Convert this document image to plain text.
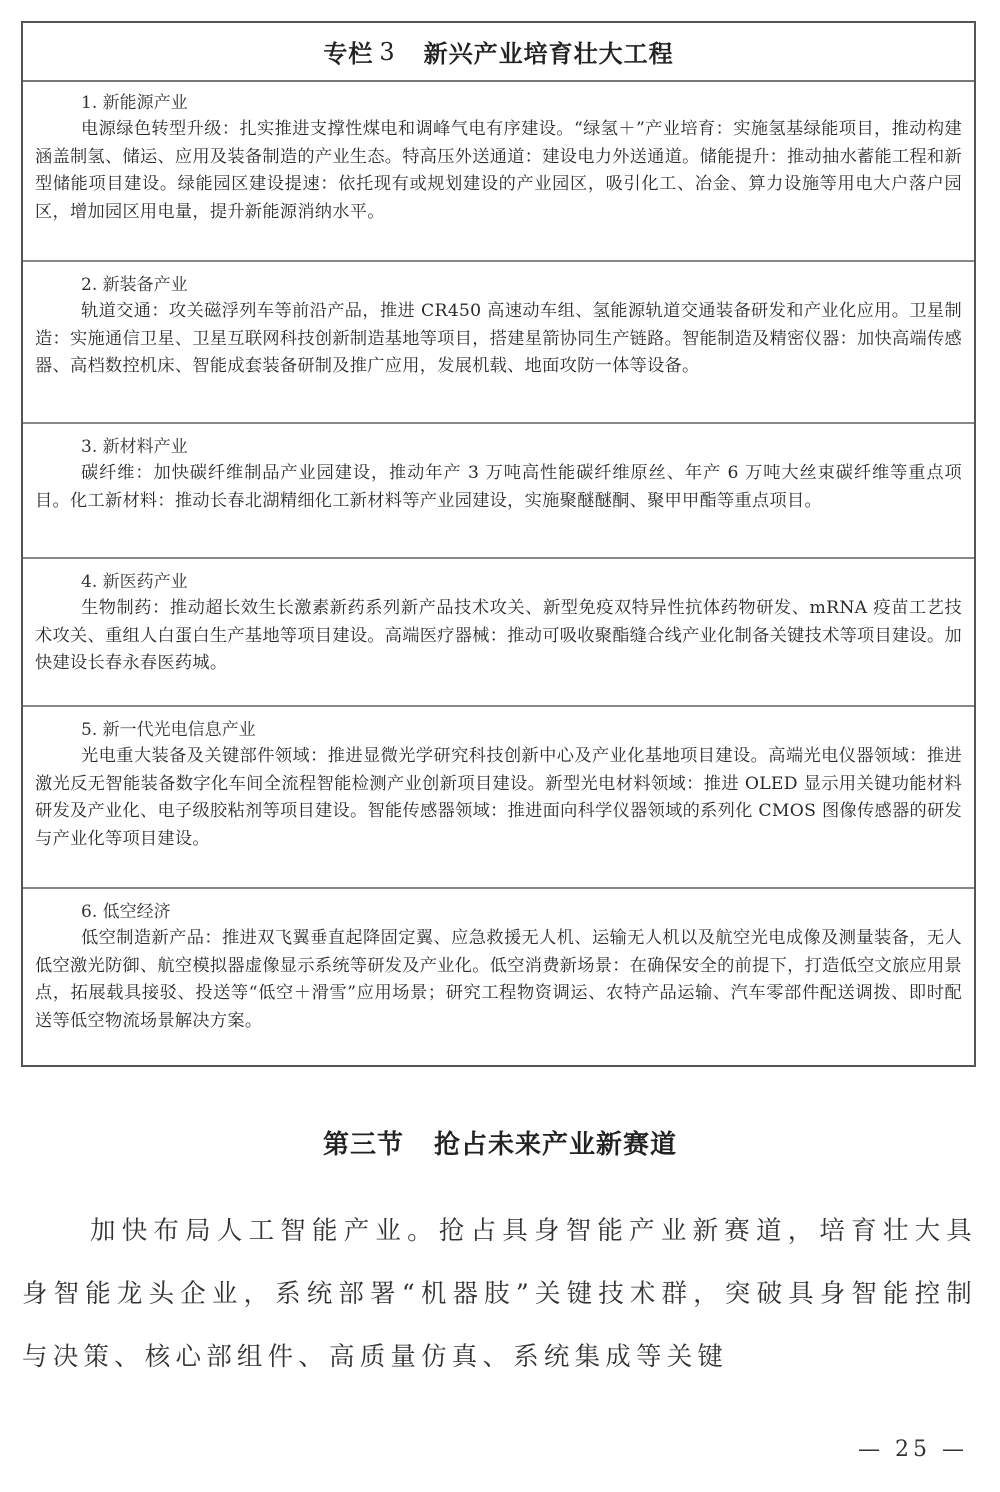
专栏 3 新兴产业培育壮大工程
1. 新能源产业
电源绿色转型升级：扎实推进支撑性煤电和调峰气电有序建设。“绿氢＋”产业培育：实施氢基绿能项目，推动构建涵盖制氢、储运、应用及装备制造的产业生态。特高压外送通道：建设电力外送通道。储能提升：推动抽水蓄能工程和新型储能项目建设。绿能园区建设提速：依托现有或规划建设的产业园区，吸引化工、冶金、算力设施等用电大户落户园区，增加园区用电量，提升新能源消纳水平。
2. 新装备产业
轨道交通：攻关磁浮列车等前沿产品，推进 CR450 高速动车组、氢能源轨道交通装备研发和产业化应用。卫星制造：实施通信卫星、卫星互联网科技创新制造基地等项目，搭建星箭协同生产链路。智能制造及精密仪器：加快高端传感器、高档数控机床、智能成套装备研制及推广应用，发展机载、地面攻防一体等设备。
3. 新材料产业
碳纤维：加快碳纤维制品产业园建设，推动年产 3 万吨高性能碳纤维原丝、年产 6 万吨大丝束碳纤维等重点项目。化工新材料：推动长春北湖精细化工新材料等产业园建设，实施聚醚醚酮、聚甲甲酯等重点项目。
4. 新医药产业
生物制药：推动超长效生长激素新药系列新产品技术攻关、新型免疫双特异性抗体药物研发、mRNA 疫苗工艺技术攻关、重组人白蛋白生产基地等项目建设。高端医疗器械：推动可吸收聚酯缝合线产业化制备关键技术等项目建设。加快建设长春永春医药城。
5. 新一代光电信息产业
光电重大装备及关键部件领域：推进显微光学研究科技创新中心及产业化基地项目建设。高端光电仪器领域：推进激光反无智能装备数字化车间全流程智能检测产业创新项目建设。新型光电材料领域：推进 OLED 显示用关键功能材料研发及产业化、电子级胶粘剂等项目建设。智能传感器领域：推进面向科学仪器领域的系列化 CMOS 图像传感器的研发与产业化等项目建设。
6. 低空经济
低空制造新产品：推进双飞翼垂直起降固定翼、应急救援无人机、运输无人机以及航空光电成像及测量装备，无人低空激光防御、航空模拟器虚像显示系统等研发及产业化。低空消费新场景：在确保安全的前提下，打造低空文旅应用景点，拓展载具接驳、投送等“低空＋滑雪”应用场景；研究工程物资调运、农特产品运输、汽车零部件配送调拨、即时配送等低空物流场景解决方案。
第三节 抢占未来产业新赛道
加快布局人工智能产业。抢占具身智能产业新赛道，培育壮大具身智能龙头企业，系统部署“机器肢”关键技术群，突破具身智能控制与决策、核心部组件、高质量仿真、系统集成等关键
— 25 —
